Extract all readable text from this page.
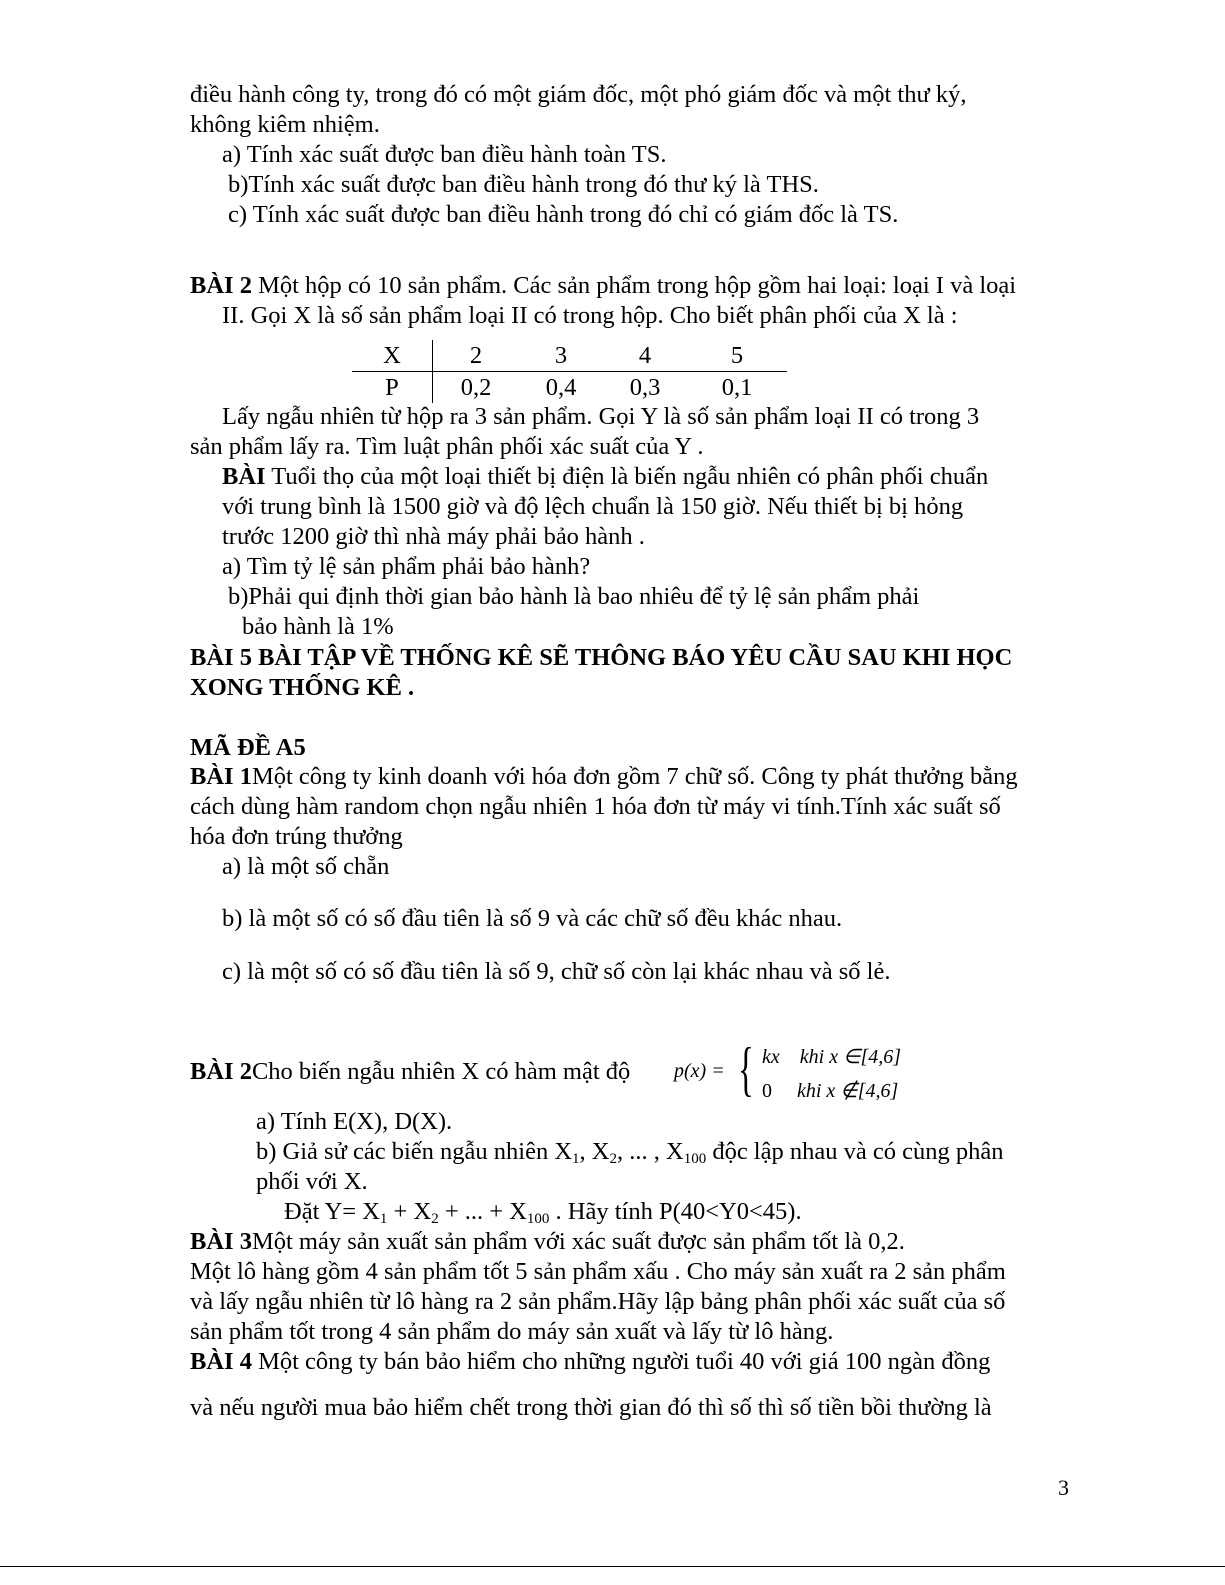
điều hành công ty, trong đó có một giám đốc, một phó giám đốc và một thư ký,
không kiêm nhiệm.
a) Tính xác suất được ban điều hành toàn TS.
b)Tính xác suất được ban điều hành trong đó thư ký là THS.
c) Tính xác suất được ban điều hành trong đó chỉ có giám đốc là TS.
BÀI 2 Một hộp có 10 sản phẩm. Các sản phẩm trong hộp gồm hai loại: loại I và loại
II. Gọi X là số sản phẩm loại II có trong hộp. Cho biết phân phối của X là :
X	2	3	4	5
P	0,2	0,4	0,3	0,1
Lấy ngẫu nhiên từ hộp ra 3 sản phẩm. Gọi Y là số sản phẩm loại II có trong 3
sản phẩm lấy ra. Tìm luật phân phối xác suất của Y .
BÀI Tuổi thọ của một loại thiết bị điện là biến ngẫu nhiên có phân phối chuẩn
với trung bình là 1500 giờ và độ lệch chuẩn là 150 giờ. Nếu thiết bị bị hỏng
trước 1200 giờ thì nhà máy phải bảo hành .
a) Tìm tỷ lệ sản phẩm phải bảo hành?
b)Phải qui định thời gian bảo hành là bao nhiêu để tỷ lệ sản phẩm phải
bảo hành là 1%
BÀI 5 BÀI TẬP VỀ THỐNG KÊ SẼ THÔNG BÁO YÊU CẦU SAU KHI HỌC
XONG THỐNG KÊ .
MÃ ĐỀ A5
BÀI 1Một công ty kinh doanh với hóa đơn gồm 7 chữ số. Công ty phát thưởng bằng
cách dùng hàm random chọn ngẫu nhiên 1 hóa đơn từ máy vi tính.Tính xác suất số
hóa đơn trúng thưởng
a) là một số chẵn
b) là một số có số đầu tiên là số 9 và các chữ số đều khác nhau.
c) là một số có số đầu tiên là số 9, chữ số còn lại khác nhau và số lẻ.
BÀI 2Cho biến ngẫu nhiên X có hàm mật độ p(x) = { kx khi x ∈[4,6]
0 khi x ∉[4,6]
a) Tính E(X), D(X).
b) Giả sử các biến ngẫu nhiên $X_1$, $X_2$, ... , $X_{100}$ độc lập nhau và có cùng phân
phối với X.
Đặt $Y= X_1 + X_2$ + ... + $X_{100}$ . Hãy tính P(40<Y0<45).
BÀI 3Một máy sản xuất sản phẩm với xác suất được sản phẩm tốt là 0,2.
Một lô hàng gồm 4 sản phẩm tốt 5 sản phẩm xấu . Cho máy sản xuất ra 2 sản phẩm
và lấy ngẫu nhiên từ lô hàng ra 2 sản phẩm.Hãy lập bảng phân phối xác suất của số
sản phẩm tốt trong 4 sản phẩm do máy sản xuất và lấy từ lô hàng.
BÀI 4 Một công ty bán bảo hiểm cho những người tuổi 40 với giá 100 ngàn đồng
và nếu người mua bảo hiểm chết trong thời gian đó thì số thì số tiền bồi thường là
3
